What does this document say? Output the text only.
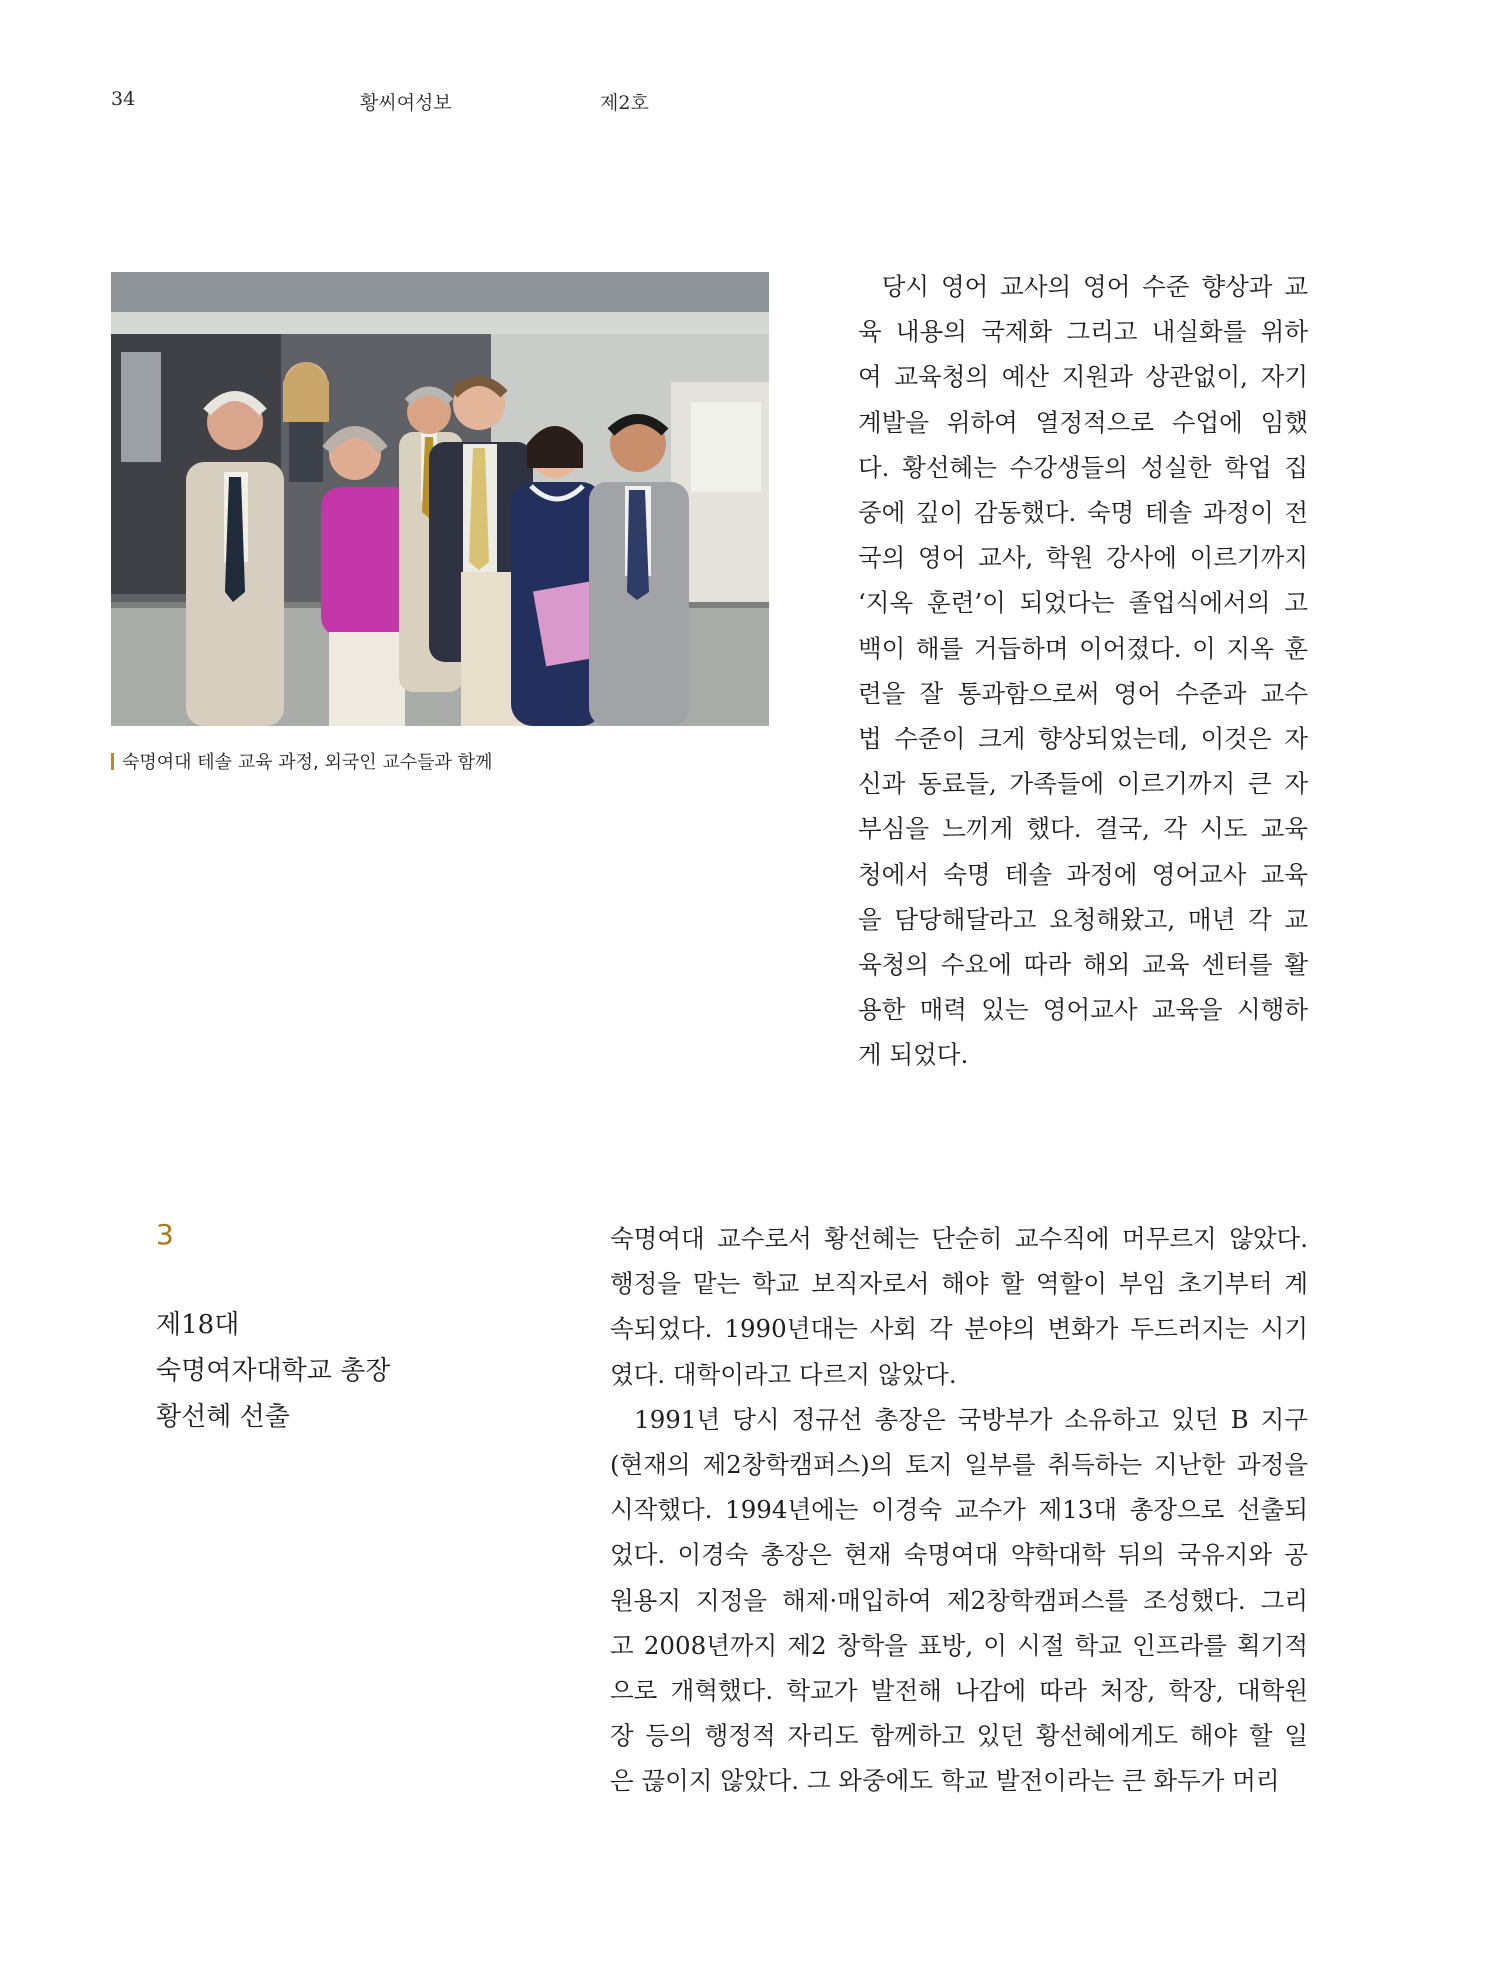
34	황씨여성보	제2호
숙명여대 테솔 교육 과정, 외국인 교수들과 함께
당시 영어 교사의 영어 수준 향상과 교
육 내용의 국제화 그리고 내실화를 위하
여 교육청의 예산 지원과 상관없이, 자기
계발을 위하여 열정적으로 수업에 임했
다. 황선혜는 수강생들의 성실한 학업 집
중에 깊이 감동했다. 숙명 테솔 과정이 전
국의 영어 교사, 학원 강사에 이르기까지
‘지옥 훈련’이 되었다는 졸업식에서의 고
백이 해를 거듭하며 이어졌다. 이 지옥 훈
련을 잘 통과함으로써 영어 수준과 교수
법 수준이 크게 향상되었는데, 이것은 자
신과 동료들, 가족들에 이르기까지 큰 자
부심을 느끼게 했다. 결국, 각 시도 교육
청에서 숙명 테솔 과정에 영어교사 교육
을 담당해달라고 요청해왔고, 매년 각 교
육청의 수요에 따라 해외 교육 센터를 활
용한 매력 있는 영어교사 교육을 시행하
게 되었다.
3
제18대
숙명여자대학교 총장
황선혜 선출
숙명여대 교수로서 황선혜는 단순히 교수직에 머무르지 않았다.
행정을 맡는 학교 보직자로서 해야 할 역할이 부임 초기부터 계
속되었다. 1990년대는 사회 각 분야의 변화가 두드러지는 시기
였다. 대학이라고 다르지 않았다.
1991년 당시 정규선 총장은 국방부가 소유하고 있던 B 지구
(현재의 제2창학캠퍼스)의 토지 일부를 취득하는 지난한 과정을
시작했다. 1994년에는 이경숙 교수가 제13대 총장으로 선출되
었다. 이경숙 총장은 현재 숙명여대 약학대학 뒤의 국유지와 공
원용지 지정을 해제·매입하여 제2창학캠퍼스를 조성했다. 그리
고 2008년까지 제2 창학을 표방, 이 시절 학교 인프라를 획기적
으로 개혁했다. 학교가 발전해 나감에 따라 처장, 학장, 대학원
장 등의 행정적 자리도 함께하고 있던 황선혜에게도 해야 할 일
은 끊이지 않았다. 그 와중에도 학교 발전이라는 큰 화두가 머리
